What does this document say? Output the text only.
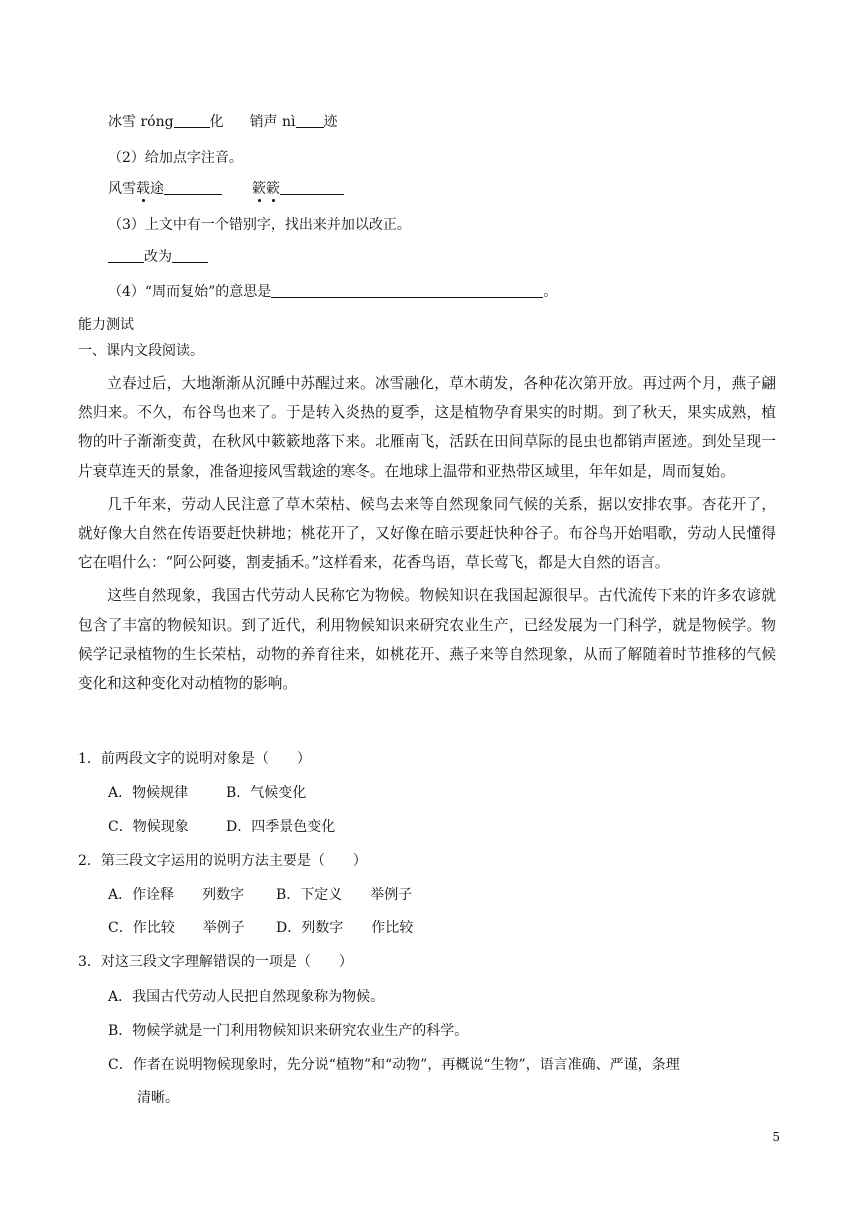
冰雪 róng	化 销声 nì 迹
（2）给加点字注音。
风雪载途	簌簌
（3）上文中有一个错别字，找出来并加以改正。
改为
（4）“周而复始”的意思是	。
能力测试
一、课内文段阅读。

立春过后，大地渐渐从沉睡中苏醒过来。冰雪融化，草木萌发，各种花次第开放。再过两个月，燕子翩然归来。不久，布谷鸟也来了。于是转入炎热的夏季，这是植物孕育果实的时期。到了秋天，果实成熟，植物的叶子渐渐变黄，在秋风中簌簌地落下来。北雁南飞，活跃在田间草际的昆虫也都销声匿迹。到处呈现一片衰草连天的景象，准备迎接风雪载途的寒冬。在地球上温带和亚热带区域里，年年如是，周而复始。

几千年来，劳动人民注意了草木荣枯、候鸟去来等自然现象同气候的关系，据以安排农事。杏花开了，就好像大自然在传语要赶快耕地；桃花开了，又好像在暗示要赶快种谷子。布谷鸟开始唱歌，劳动人民懂得它在唱什么：“阿公阿婆，割麦插禾。”这样看来，花香鸟语，草长莺飞，都是大自然的语言。

这些自然现象，我国古代劳动人民称它为物候。物候知识在我国起源很早。古代流传下来的许多农谚就包含了丰富的物候知识。到了近代，利用物候知识来研究农业生产，已经发展为一门科学，就是物候学。物候学记录植物的生长荣枯，动物的养育往来，如桃花开、燕子来等自然现象，从而了解随着时节推移的气候变化和这种变化对动植物的影响。

1．前两段文字的说明对象是（　　）
A．物候规律	B．气候变化
C．物候现象	D．四季景色变化
2．第三段文字运用的说明方法主要是（　　）
A．作诠释　　列数字 B．下定义　　举例子
C．作比较　　举例子 D．列数字　　作比较
3．对这三段文字理解错误的一项是（　　）
A．我国古代劳动人民把自然现象称为物候。
B．物候学就是一门利用物候知识来研究农业生产的科学。
C．作者在说明物候现象时，先分说“植物”和“动物”，再概说“生物”，语言准确、严谨，条理
清晰。
5
